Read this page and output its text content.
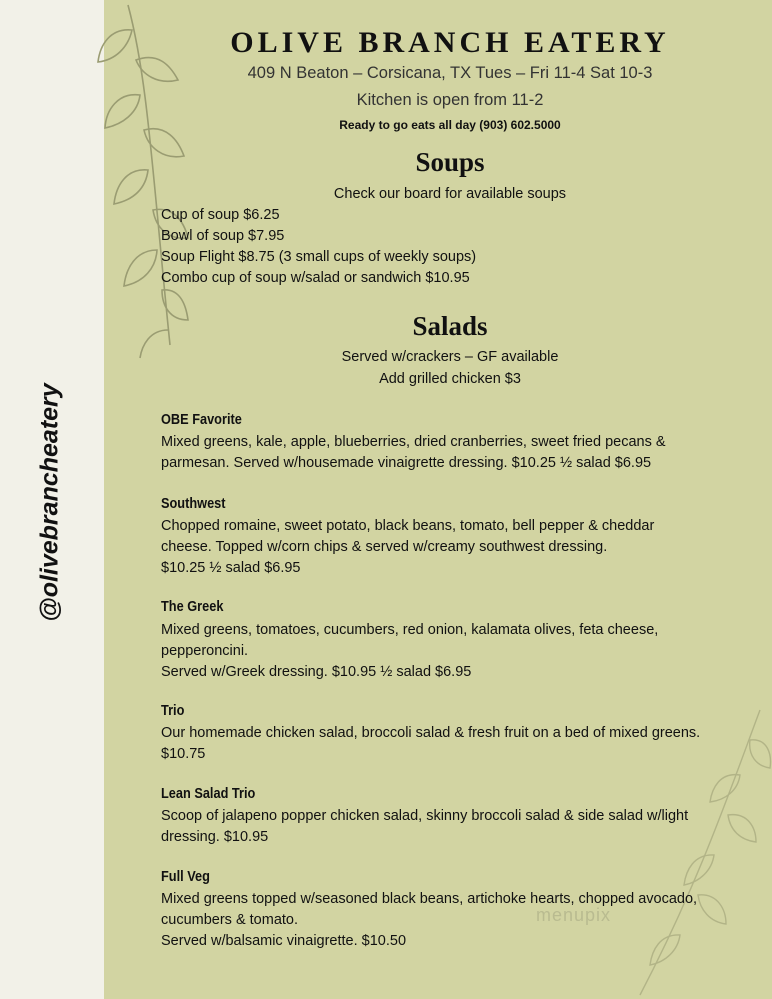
@olivebrancheatery
OLIVE BRANCH EATERY
409 N Beaton – Corsicana, TX Tues – Fri 11-4 Sat 10-3
Kitchen is open from 11-2
Ready to go eats all day (903) 602.5000
Soups
Check our board for available soups
Cup of soup $6.25
Bowl of soup $7.95
Soup Flight $8.75 (3 small cups of weekly soups)
Combo cup of soup w/salad or sandwich $10.95
Salads
Served w/crackers – GF available
Add grilled chicken $3
OBE Favorite
Mixed greens, kale, apple, blueberries, dried cranberries, sweet fried pecans &
parmesan. Served w/housemade vinaigrette dressing. $10.25 ½ salad $6.95
Southwest
Chopped romaine, sweet potato, black beans, tomato, bell pepper & cheddar
cheese. Topped w/corn chips & served w/creamy southwest dressing.
$10.25 ½ salad $6.95
The Greek
Mixed greens, tomatoes, cucumbers, red onion, kalamata olives, feta cheese,
pepperoncini.
Served w/Greek dressing. $10.95 ½ salad $6.95
Trio
Our homemade chicken salad, broccoli salad & fresh fruit on a bed of mixed greens.
$10.75
Lean Salad Trio
Scoop of jalapeno popper chicken salad, skinny broccoli salad & side salad w/light
dressing. $10.95
Full Veg
Mixed greens topped w/seasoned black beans, artichoke hearts, chopped avocado,
cucumbers & tomato.
Served w/balsamic vinaigrette. $10.50
menupix
